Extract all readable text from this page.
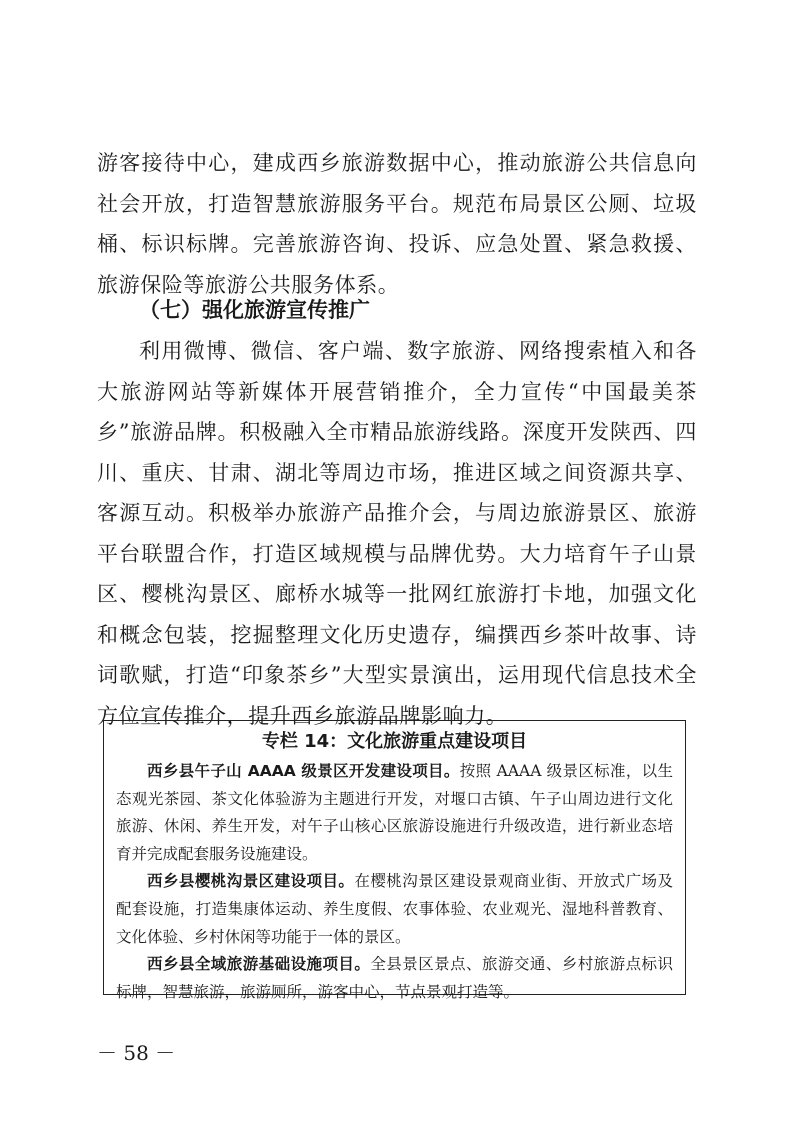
游客接待中心，建成西乡旅游数据中心，推动旅游公共信息向社会开放，打造智慧旅游服务平台。规范布局景区公厕、垃圾桶、标识标牌。完善旅游咨询、投诉、应急处置、紧急救援、旅游保险等旅游公共服务体系。

（七）强化旅游宣传推广

利用微博、微信、客户端、数字旅游、网络搜索植入和各大旅游网站等新媒体开展营销推介，全力宣传“中国最美茶乡”旅游品牌。积极融入全市精品旅游线路。深度开发陕西、四川、重庆、甘肃、湖北等周边市场，推进区域之间资源共享、客源互动。积极举办旅游产品推介会，与周边旅游景区、旅游平台联盟合作，打造区域规模与品牌优势。大力培育午子山景区、樱桃沟景区、廊桥水城等一批网红旅游打卡地，加强文化和概念包装，挖掘整理文化历史遗存，编撰西乡茶叶故事、诗词歌赋，打造“印象茶乡”大型实景演出，运用现代信息技术全方位宣传推介，提升西乡旅游品牌影响力。

专栏 14：文化旅游重点建设项目

西乡县午子山 AAAA 级景区开发建设项目。按照 AAAA 级景区标准，以生态观光茶园、茶文化体验游为主题进行开发，对堰口古镇、午子山周边进行文化旅游、休闲、养生开发，对午子山核心区旅游设施进行升级改造，进行新业态培育并完成配套服务设施建设。

西乡县樱桃沟景区建设项目。在樱桃沟景区建设景观商业街、开放式广场及配套设施，打造集康体运动、养生度假、农事体验、农业观光、湿地科普教育、文化体验、乡村休闲等功能于一体的景区。

西乡县全域旅游基础设施项目。全县景区景点、旅游交通、乡村旅游点标识标牌，智慧旅游，旅游厕所，游客中心，节点景观打造等。

－ 58 －
